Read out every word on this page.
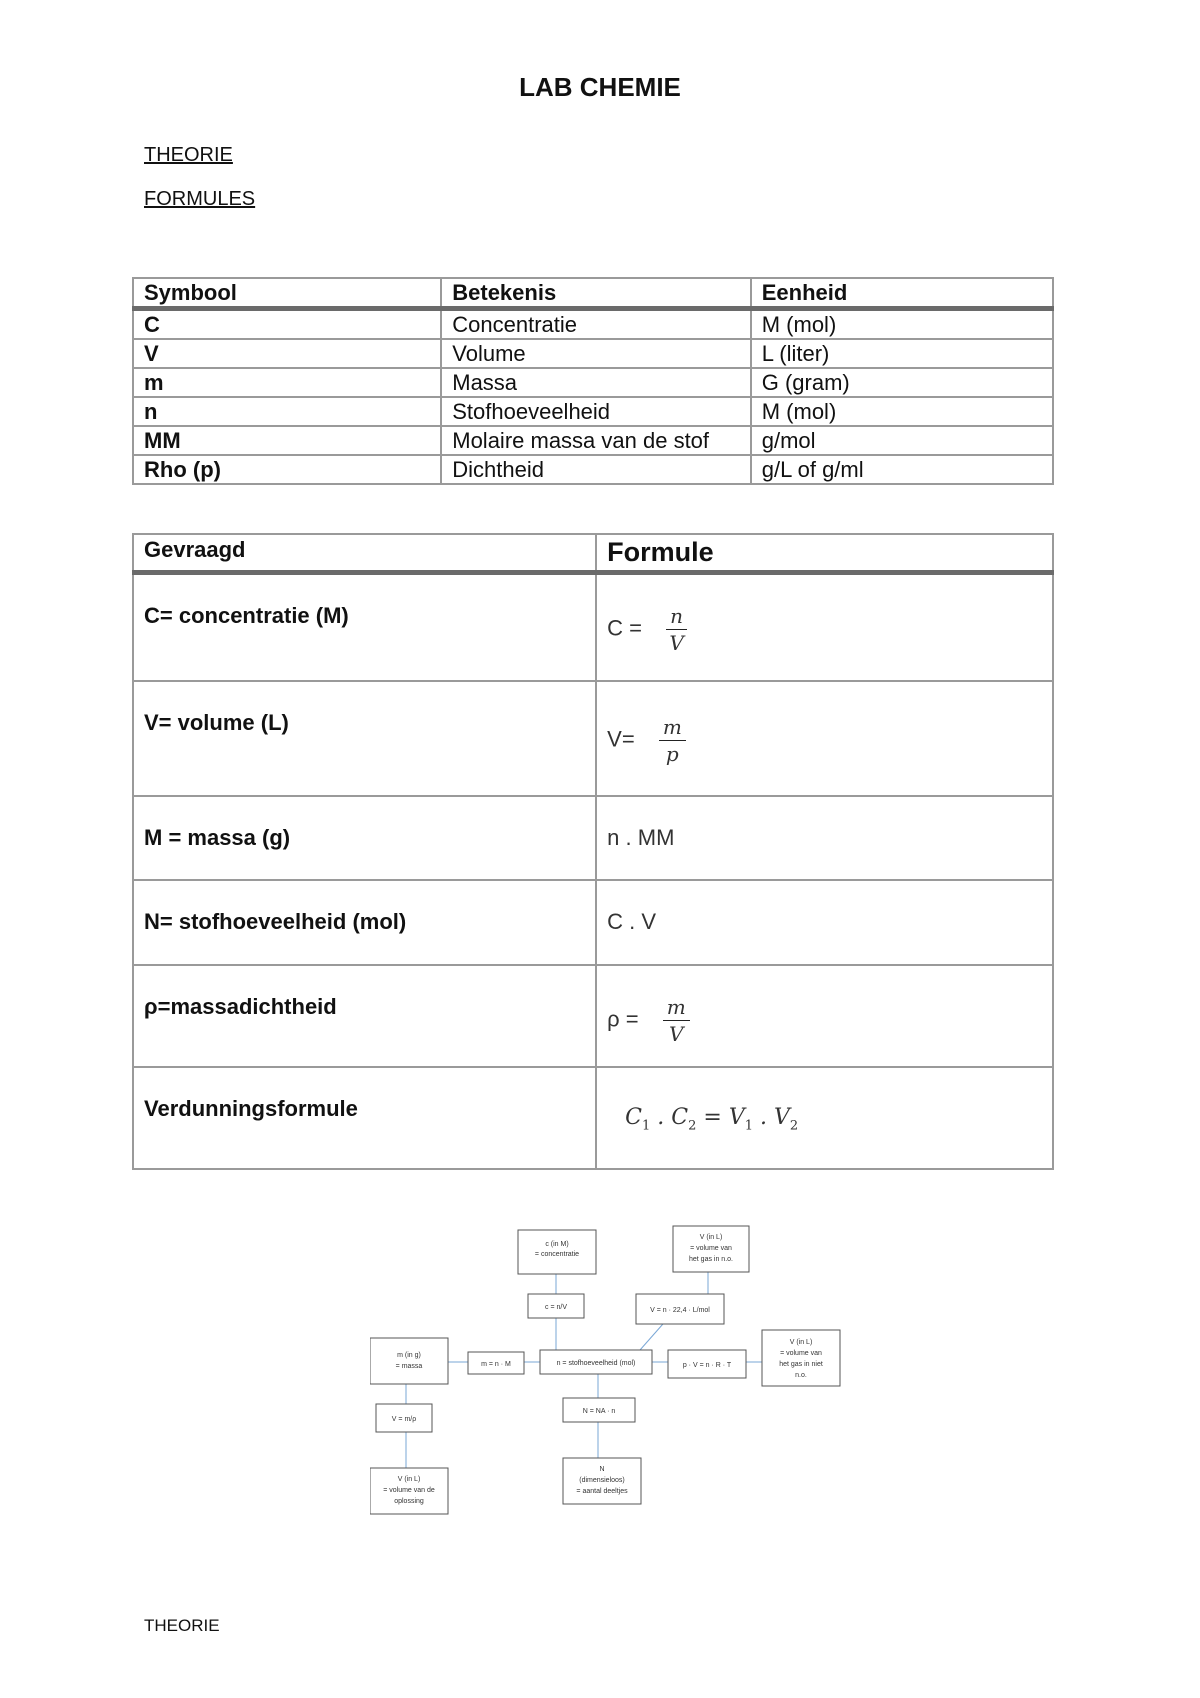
LAB CHEMIE
THEORIE
FORMULES
Symbool	Betekenis	Eenheid
C	Concentratie	M (mol)
V	Volume	L (liter)
m	Massa	G (gram)
n	Stofhoeveelheid	M (mol)
MM	Molaire massa van de stof	g/mol
Rho (p)	Dichtheid	g/L of g/ml
Gevraagd	Formule
C= concentratie (M)	$C = \frac{n}{V}$

V= volume (L)	$V= \frac{m}{p}$

M = massa (g)	n . MM
N= stofhoeveelheid (mol)	C . V
ρ=massadichtheid	$\rho = \frac{m}{V}$

Verdunningsformule	$C_1$ . $C_2 = V_1$ . $V_2$
c (in M)
= concentratie
V (in L)
= volume van
het gas in n.o.
c = n/V	V = n · 22,4 · L/mol
m (in g)
= massa	m = n · M	n = stofhoeveelheid (mol)	p · V = n · R · T
V (in L)
= volume van
het gas in niet
n.o.
V = m/ρ
N = NA · n
V (in L)
= volume van de
oplossing
N
(dimensieloos)
= aantal deeltjes
THEORIE
